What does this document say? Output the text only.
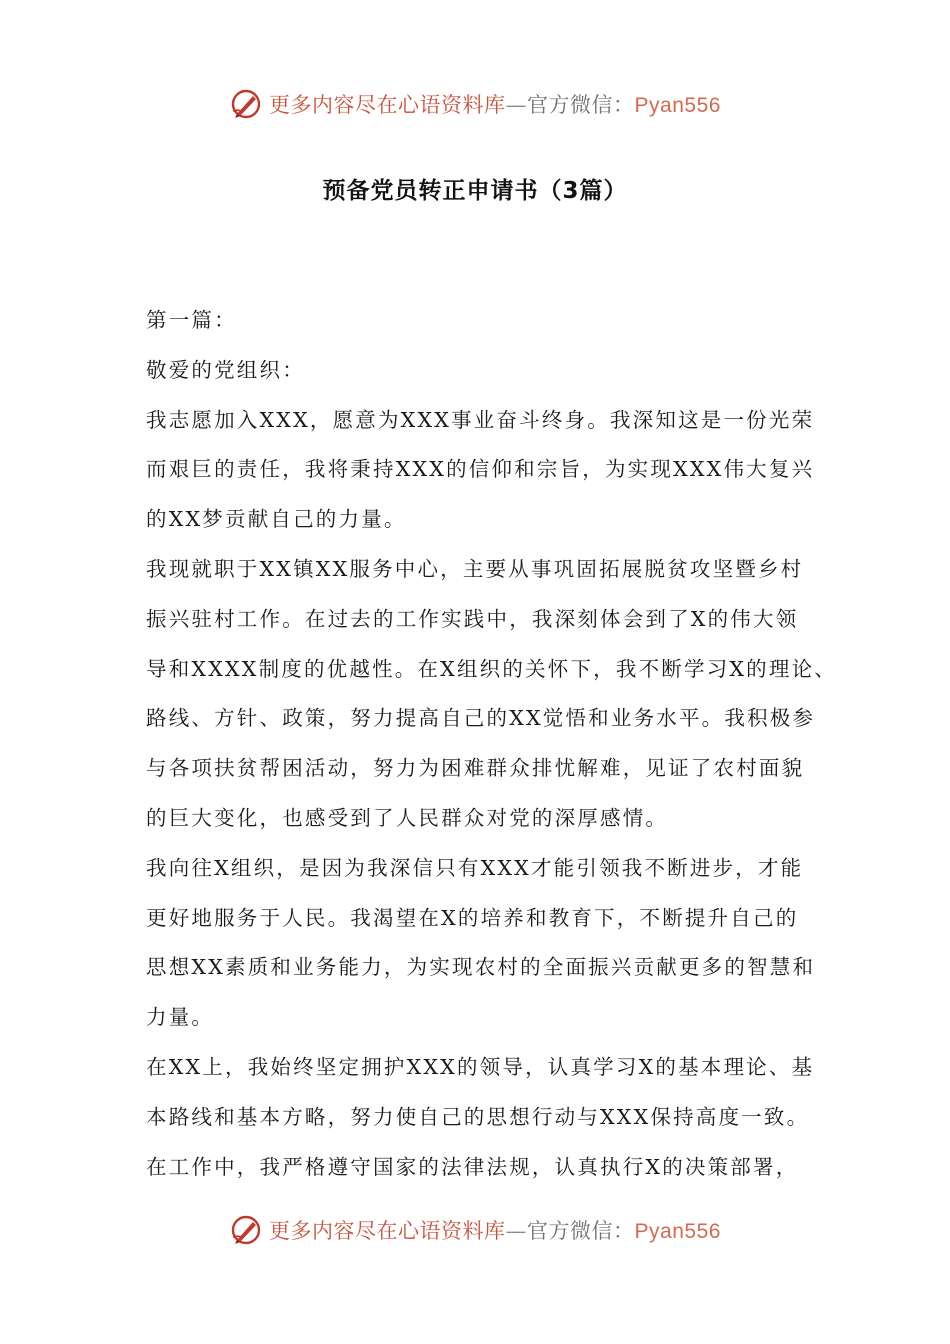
更多内容尽在心语资料库—官方微信：Pyan556
预备党员转正申请书（3篇）
第一篇：
敬爱的党组织：
我志愿加入XXX，愿意为XXX事业奋斗终身。我深知这是一份光荣
而艰巨的责任，我将秉持XXX的信仰和宗旨，为实现XXX伟大复兴
的XX梦贡献自己的力量。
我现就职于XX镇XX服务中心，主要从事巩固拓展脱贫攻坚暨乡村
振兴驻村工作。在过去的工作实践中，我深刻体会到了X的伟大领
导和XXXX制度的优越性。在X组织的关怀下，我不断学习X的理论、
路线、方针、政策，努力提高自己的XX觉悟和业务水平。我积极参
与各项扶贫帮困活动，努力为困难群众排忧解难，见证了农村面貌
的巨大变化，也感受到了人民群众对党的深厚感情。
我向往X组织，是因为我深信只有XXX才能引领我不断进步，才能
更好地服务于人民。我渴望在X的培养和教育下，不断提升自己的
思想XX素质和业务能力，为实现农村的全面振兴贡献更多的智慧和
力量。
在XX上，我始终坚定拥护XXX的领导，认真学习X的基本理论、基
本路线和基本方略，努力使自己的思想行动与XXX保持高度一致。
在工作中，我严格遵守国家的法律法规，认真执行X的决策部署，
更多内容尽在心语资料库—官方微信：Pyan556
